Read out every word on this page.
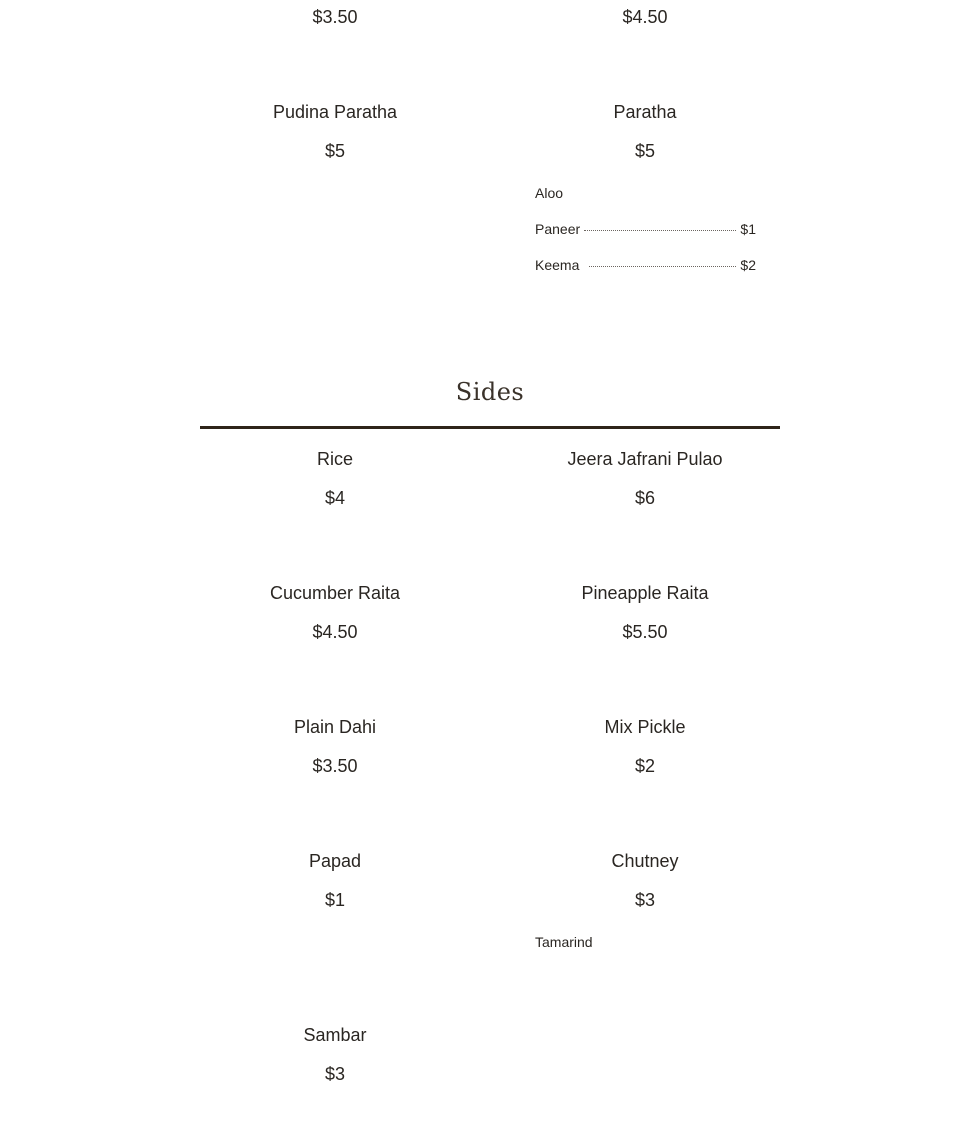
$3.50	$4.50
Pudina Paratha
$5
Paratha
$5
Aloo
Paneer	$1
Keema	$2
Sides
Rice
$4
Jeera Jafrani Pulao
$6
Cucumber Raita
$4.50
Pineapple Raita
$5.50
Plain Dahi
$3.50
Mix Pickle
$2
Papad
$1
Chutney
$3
Tamarind
Sambar
$3
